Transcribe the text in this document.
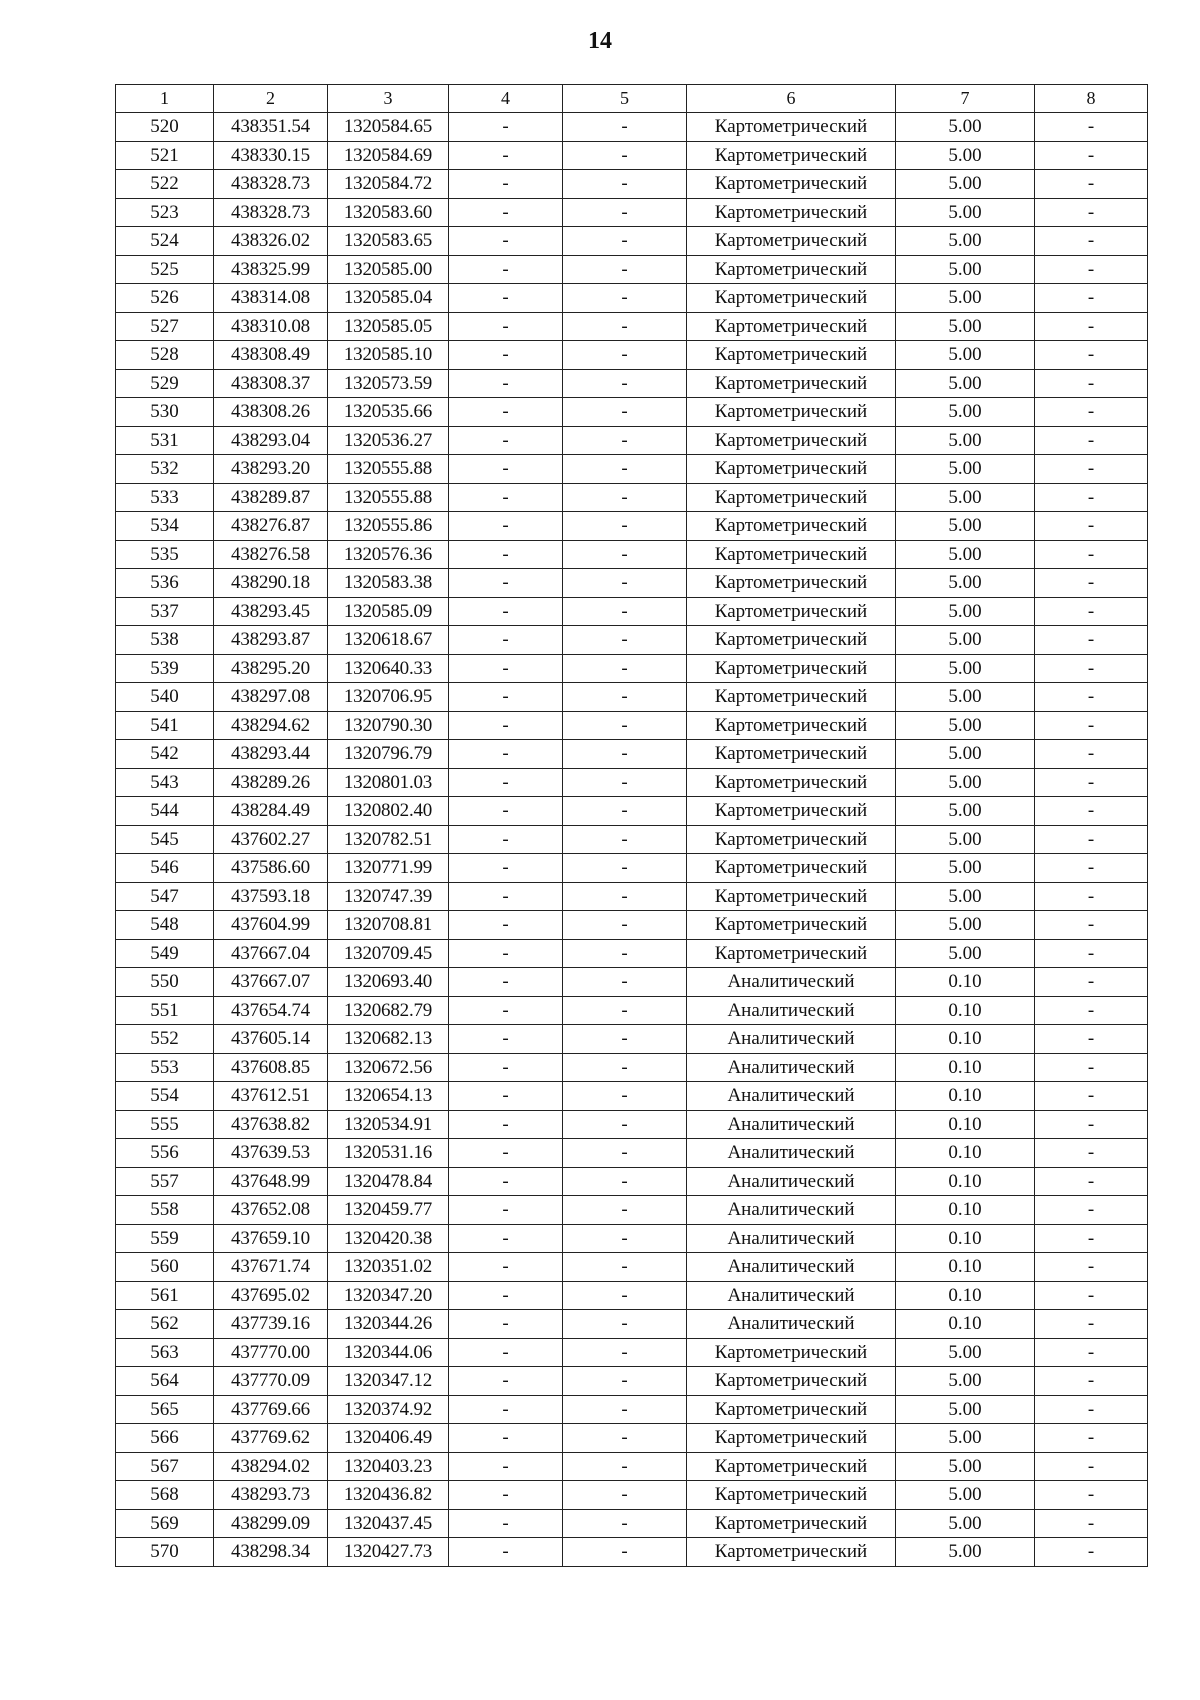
14
1	2	3	4	5	6	7	8
520	438351.54	1320584.65	-	-	Картометрический	5.00	-
521	438330.15	1320584.69	-	-	Картометрический	5.00	-
522	438328.73	1320584.72	-	-	Картометрический	5.00	-
523	438328.73	1320583.60	-	-	Картометрический	5.00	-
524	438326.02	1320583.65	-	-	Картометрический	5.00	-
525	438325.99	1320585.00	-	-	Картометрический	5.00	-
526	438314.08	1320585.04	-	-	Картометрический	5.00	-
527	438310.08	1320585.05	-	-	Картометрический	5.00	-
528	438308.49	1320585.10	-	-	Картометрический	5.00	-
529	438308.37	1320573.59	-	-	Картометрический	5.00	-
530	438308.26	1320535.66	-	-	Картометрический	5.00	-
531	438293.04	1320536.27	-	-	Картометрический	5.00	-
532	438293.20	1320555.88	-	-	Картометрический	5.00	-
533	438289.87	1320555.88	-	-	Картометрический	5.00	-
534	438276.87	1320555.86	-	-	Картометрический	5.00	-
535	438276.58	1320576.36	-	-	Картометрический	5.00	-
536	438290.18	1320583.38	-	-	Картометрический	5.00	-
537	438293.45	1320585.09	-	-	Картометрический	5.00	-
538	438293.87	1320618.67	-	-	Картометрический	5.00	-
539	438295.20	1320640.33	-	-	Картометрический	5.00	-
540	438297.08	1320706.95	-	-	Картометрический	5.00	-
541	438294.62	1320790.30	-	-	Картометрический	5.00	-
542	438293.44	1320796.79	-	-	Картометрический	5.00	-
543	438289.26	1320801.03	-	-	Картометрический	5.00	-
544	438284.49	1320802.40	-	-	Картометрический	5.00	-
545	437602.27	1320782.51	-	-	Картометрический	5.00	-
546	437586.60	1320771.99	-	-	Картометрический	5.00	-
547	437593.18	1320747.39	-	-	Картометрический	5.00	-
548	437604.99	1320708.81	-	-	Картометрический	5.00	-
549	437667.04	1320709.45	-	-	Картометрический	5.00	-
550	437667.07	1320693.40	-	-	Аналитический	0.10	-
551	437654.74	1320682.79	-	-	Аналитический	0.10	-
552	437605.14	1320682.13	-	-	Аналитический	0.10	-
553	437608.85	1320672.56	-	-	Аналитический	0.10	-
554	437612.51	1320654.13	-	-	Аналитический	0.10	-
555	437638.82	1320534.91	-	-	Аналитический	0.10	-
556	437639.53	1320531.16	-	-	Аналитический	0.10	-
557	437648.99	1320478.84	-	-	Аналитический	0.10	-
558	437652.08	1320459.77	-	-	Аналитический	0.10	-
559	437659.10	1320420.38	-	-	Аналитический	0.10	-
560	437671.74	1320351.02	-	-	Аналитический	0.10	-
561	437695.02	1320347.20	-	-	Аналитический	0.10	-
562	437739.16	1320344.26	-	-	Аналитический	0.10	-
563	437770.00	1320344.06	-	-	Картометрический	5.00	-
564	437770.09	1320347.12	-	-	Картометрический	5.00	-
565	437769.66	1320374.92	-	-	Картометрический	5.00	-
566	437769.62	1320406.49	-	-	Картометрический	5.00	-
567	438294.02	1320403.23	-	-	Картометрический	5.00	-
568	438293.73	1320436.82	-	-	Картометрический	5.00	-
569	438299.09	1320437.45	-	-	Картометрический	5.00	-
570	438298.34	1320427.73	-	-	Картометрический	5.00	-
